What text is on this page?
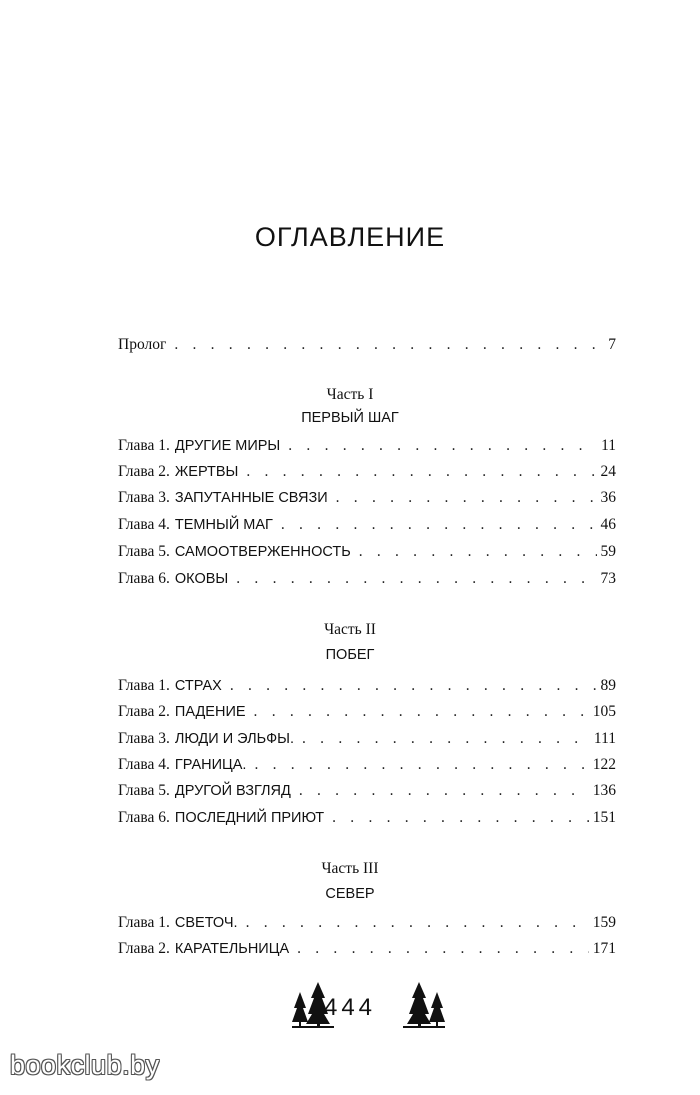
ОГЛАВЛЕНИЕ
Пролог . . .	7
Часть I
ПЕРВЫЙ ШАГ
Глава 1. ДРУГИЕ МИРЫ . . .	11
Глава 2. ЖЕРТВЫ . . .	24
Глава 3. ЗАПУТАННЫЕ СВЯЗИ . . .	36
Глава 4. ТЕМНЫЙ МАГ . . .	46
Глава 5. САМООТВЕРЖЕННОСТЬ . . .	59
Глава 6. ОКОВЫ . . .	73
Часть II
ПОБЕГ
Глава 1. СТРАХ . . .	89
Глава 2. ПАДЕНИЕ . . .	105
Глава 3. ЛЮДИ И ЭЛЬФЫ. . . .	111
Глава 4. ГРАНИЦА. . . .	122
Глава 5. ДРУГОЙ ВЗГЛЯД . . .	136
Глава 6. ПОСЛЕДНИЙ ПРИЮТ . . .	151
Часть III
СЕВЕР
Глава 1. СВЕТОЧ. . . .	159
Глава 2. КАРАТЕЛЬНИЦА . . .	171
444
bookclub.by
